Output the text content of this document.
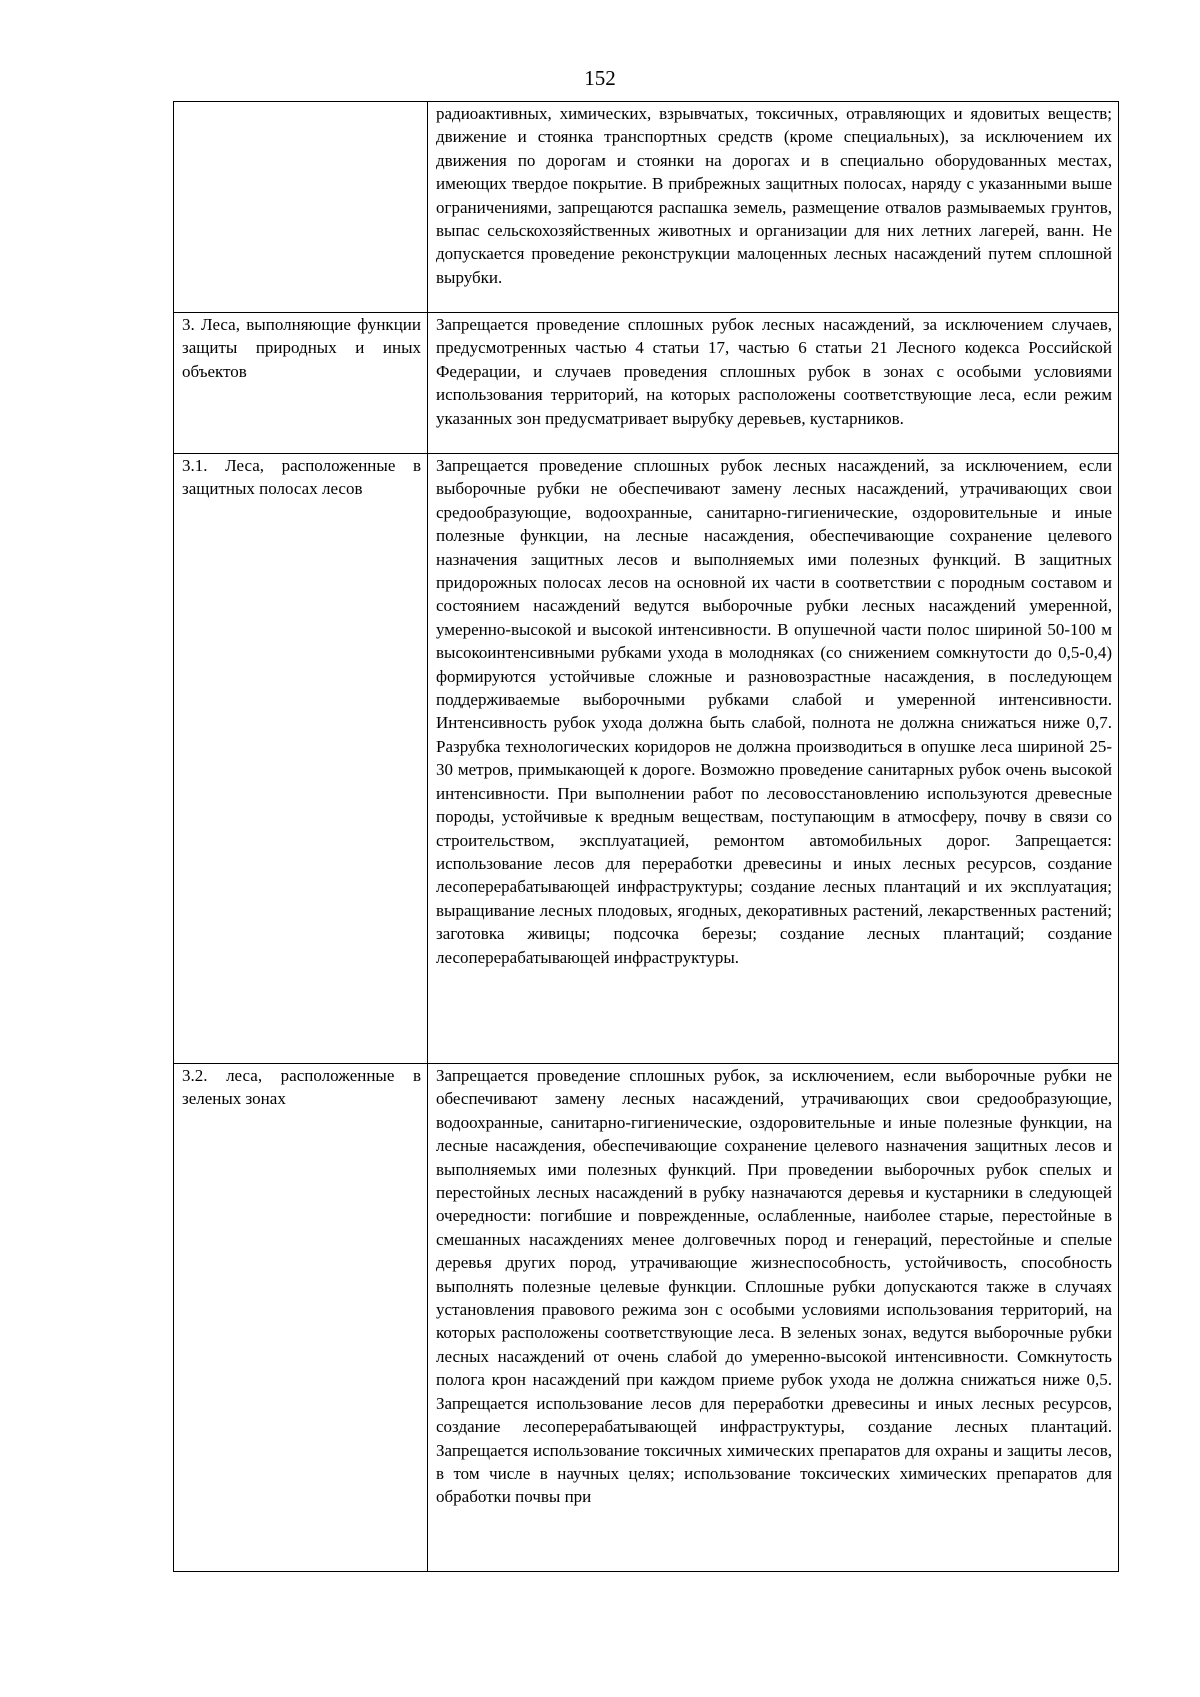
152
	радиоактивных, химических, взрывчатых, токсичных, отравляющих и ядовитых веществ; движение и стоянка транспортных средств (кроме специальных), за исключением их движения по дорогам и стоянки на дорогах и в специально оборудованных местах, имеющих твердое покрытие. В прибрежных защитных полосах, наряду с указанными выше ограничениями, запрещаются распашка земель, размещение отвалов размываемых грунтов, выпас сельскохозяйственных животных и организации для них летних лагерей, ванн. Не допускается проведение реконструкции малоценных лесных насаждений путем сплошной вырубки.
3. Леса, выполняющие функции защиты природных и иных объектов	Запрещается проведение сплошных рубок лесных насаждений, за исключением случаев, предусмотренных частью 4 статьи 17, частью 6 статьи 21 Лесного кодекса Российской Федерации, и случаев проведения сплошных рубок в зонах с особыми условиями использования территорий, на которых расположены соответствующие леса, если режим указанных зон предусматривает вырубку деревьев, кустарников.
3.1. Леса, расположенные в защитных полосах лесов	Запрещается проведение сплошных рубок лесных насаждений, за исключением, если выборочные рубки не обеспечивают замену лесных насаждений, утрачивающих свои средообразующие, водоохранные, санитарно-гигиенические, оздоровительные и иные полезные функции, на лесные насаждения, обеспечивающие сохранение целевого назначения защитных лесов и выполняемых ими полезных функций. В защитных придорожных полосах лесов на основной их части в соответствии с породным составом и состоянием насаждений ведутся выборочные рубки лесных насаждений умеренной, умеренно-высокой и высокой интенсивности. В опушечной части полос шириной 50-100 м высокоинтенсивными рубками ухода в молодняках (со снижением сомкнутости до 0,5-0,4) формируются устойчивые сложные и разновозрастные насаждения, в последующем поддерживаемые выборочными рубками слабой и умеренной интенсивности. Интенсивность рубок ухода должна быть слабой, полнота не должна снижаться ниже 0,7. Разрубка технологических коридоров не должна производиться в опушке леса шириной 25-30 метров, примыкающей к дороге. Возможно проведение санитарных рубок очень высокой интенсивности. При выполнении работ по лесовосстановлению используются древесные породы, устойчивые к вредным веществам, поступающим в атмосферу, почву в связи со строительством, эксплуатацией, ремонтом автомобильных дорог. Запрещается: использование лесов для переработки древесины и иных лесных ресурсов, создание лесоперерабатывающей инфраструктуры; создание лесных плантаций и их эксплуатация; выращивание лесных плодовых, ягодных, декоративных растений, лекарственных растений; заготовка живицы; подсочка березы; создание лесных плантаций; создание лесоперерабатывающей инфраструктуры.
3.2. леса, расположенные в зеленых зонах	Запрещается проведение сплошных рубок, за исключением, если выборочные рубки не обеспечивают замену лесных насаждений, утрачивающих свои средообразующие, водоохранные, санитарно-гигиенические, оздоровительные и иные полезные функции, на лесные насаждения, обеспечивающие сохранение целевого назначения защитных лесов и выполняемых ими полезных функций. При проведении выборочных рубок спелых и перестойных лесных насаждений в рубку назначаются деревья и кустарники в следующей очередности: погибшие и поврежденные, ослабленные, наиболее старые, перестойные в смешанных насаждениях менее долговечных пород и генераций, перестойные и спелые деревья других пород, утрачивающие жизнеспособность, устойчивость, способность выполнять полезные целевые функции. Сплошные рубки допускаются также в случаях установления правового режима зон с особыми условиями использования территорий, на которых расположены соответствующие леса. В зеленых зонах, ведутся выборочные рубки лесных насаждений от очень слабой до умеренно-высокой интенсивности. Сомкнутость полога крон насаждений при каждом приеме рубок ухода не должна снижаться ниже 0,5. Запрещается использование лесов для переработки древесины и иных лесных ресурсов, создание лесоперерабатывающей инфраструктуры, создание лесных плантаций. Запрещается использование токсичных химических препаратов для охраны и защиты лесов, в том числе в научных целях; использование токсических химических препаратов для обработки почвы при
